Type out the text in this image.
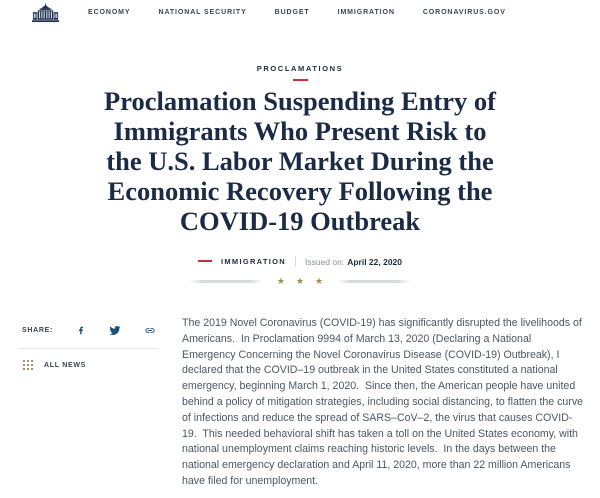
ECONOMY	NATIONAL SECURITY	BUDGET	IMMIGRATION	CORONAVIRUS.GOV
PROCLAMATIONS
Proclamation Suspending Entry of
Immigrants Who Present Risk to
the U.S. Labor Market During the
Economic Recovery Following the
COVID-19 Outbreak
IMMIGRATION Issued on: April 22, 2020
★ ★ ★
SHARE:
ALL NEWS

The 2019 Novel Coronavirus (COVID-19) has significantly disrupted the livelihoods of Americans.  In Proclamation 9994 of March 13, 2020 (Declaring a National Emergency Concerning the Novel Coronavirus Disease (COVID-19) Outbreak), I declared that the COVID–19 outbreak in the United States constituted a national emergency, beginning March 1, 2020.  Since then, the American people have united behind a policy of mitigation strategies, including social distancing, to flatten the curve of infections and reduce the spread of SARS–CoV–2, the virus that causes COVID-19.  This needed behavioral shift has taken a toll on the United States economy, with national unemployment claims reaching historic levels.  In the days between the national emergency declaration and April 11, 2020, more than 22 million Americans have filed for unemployment.
